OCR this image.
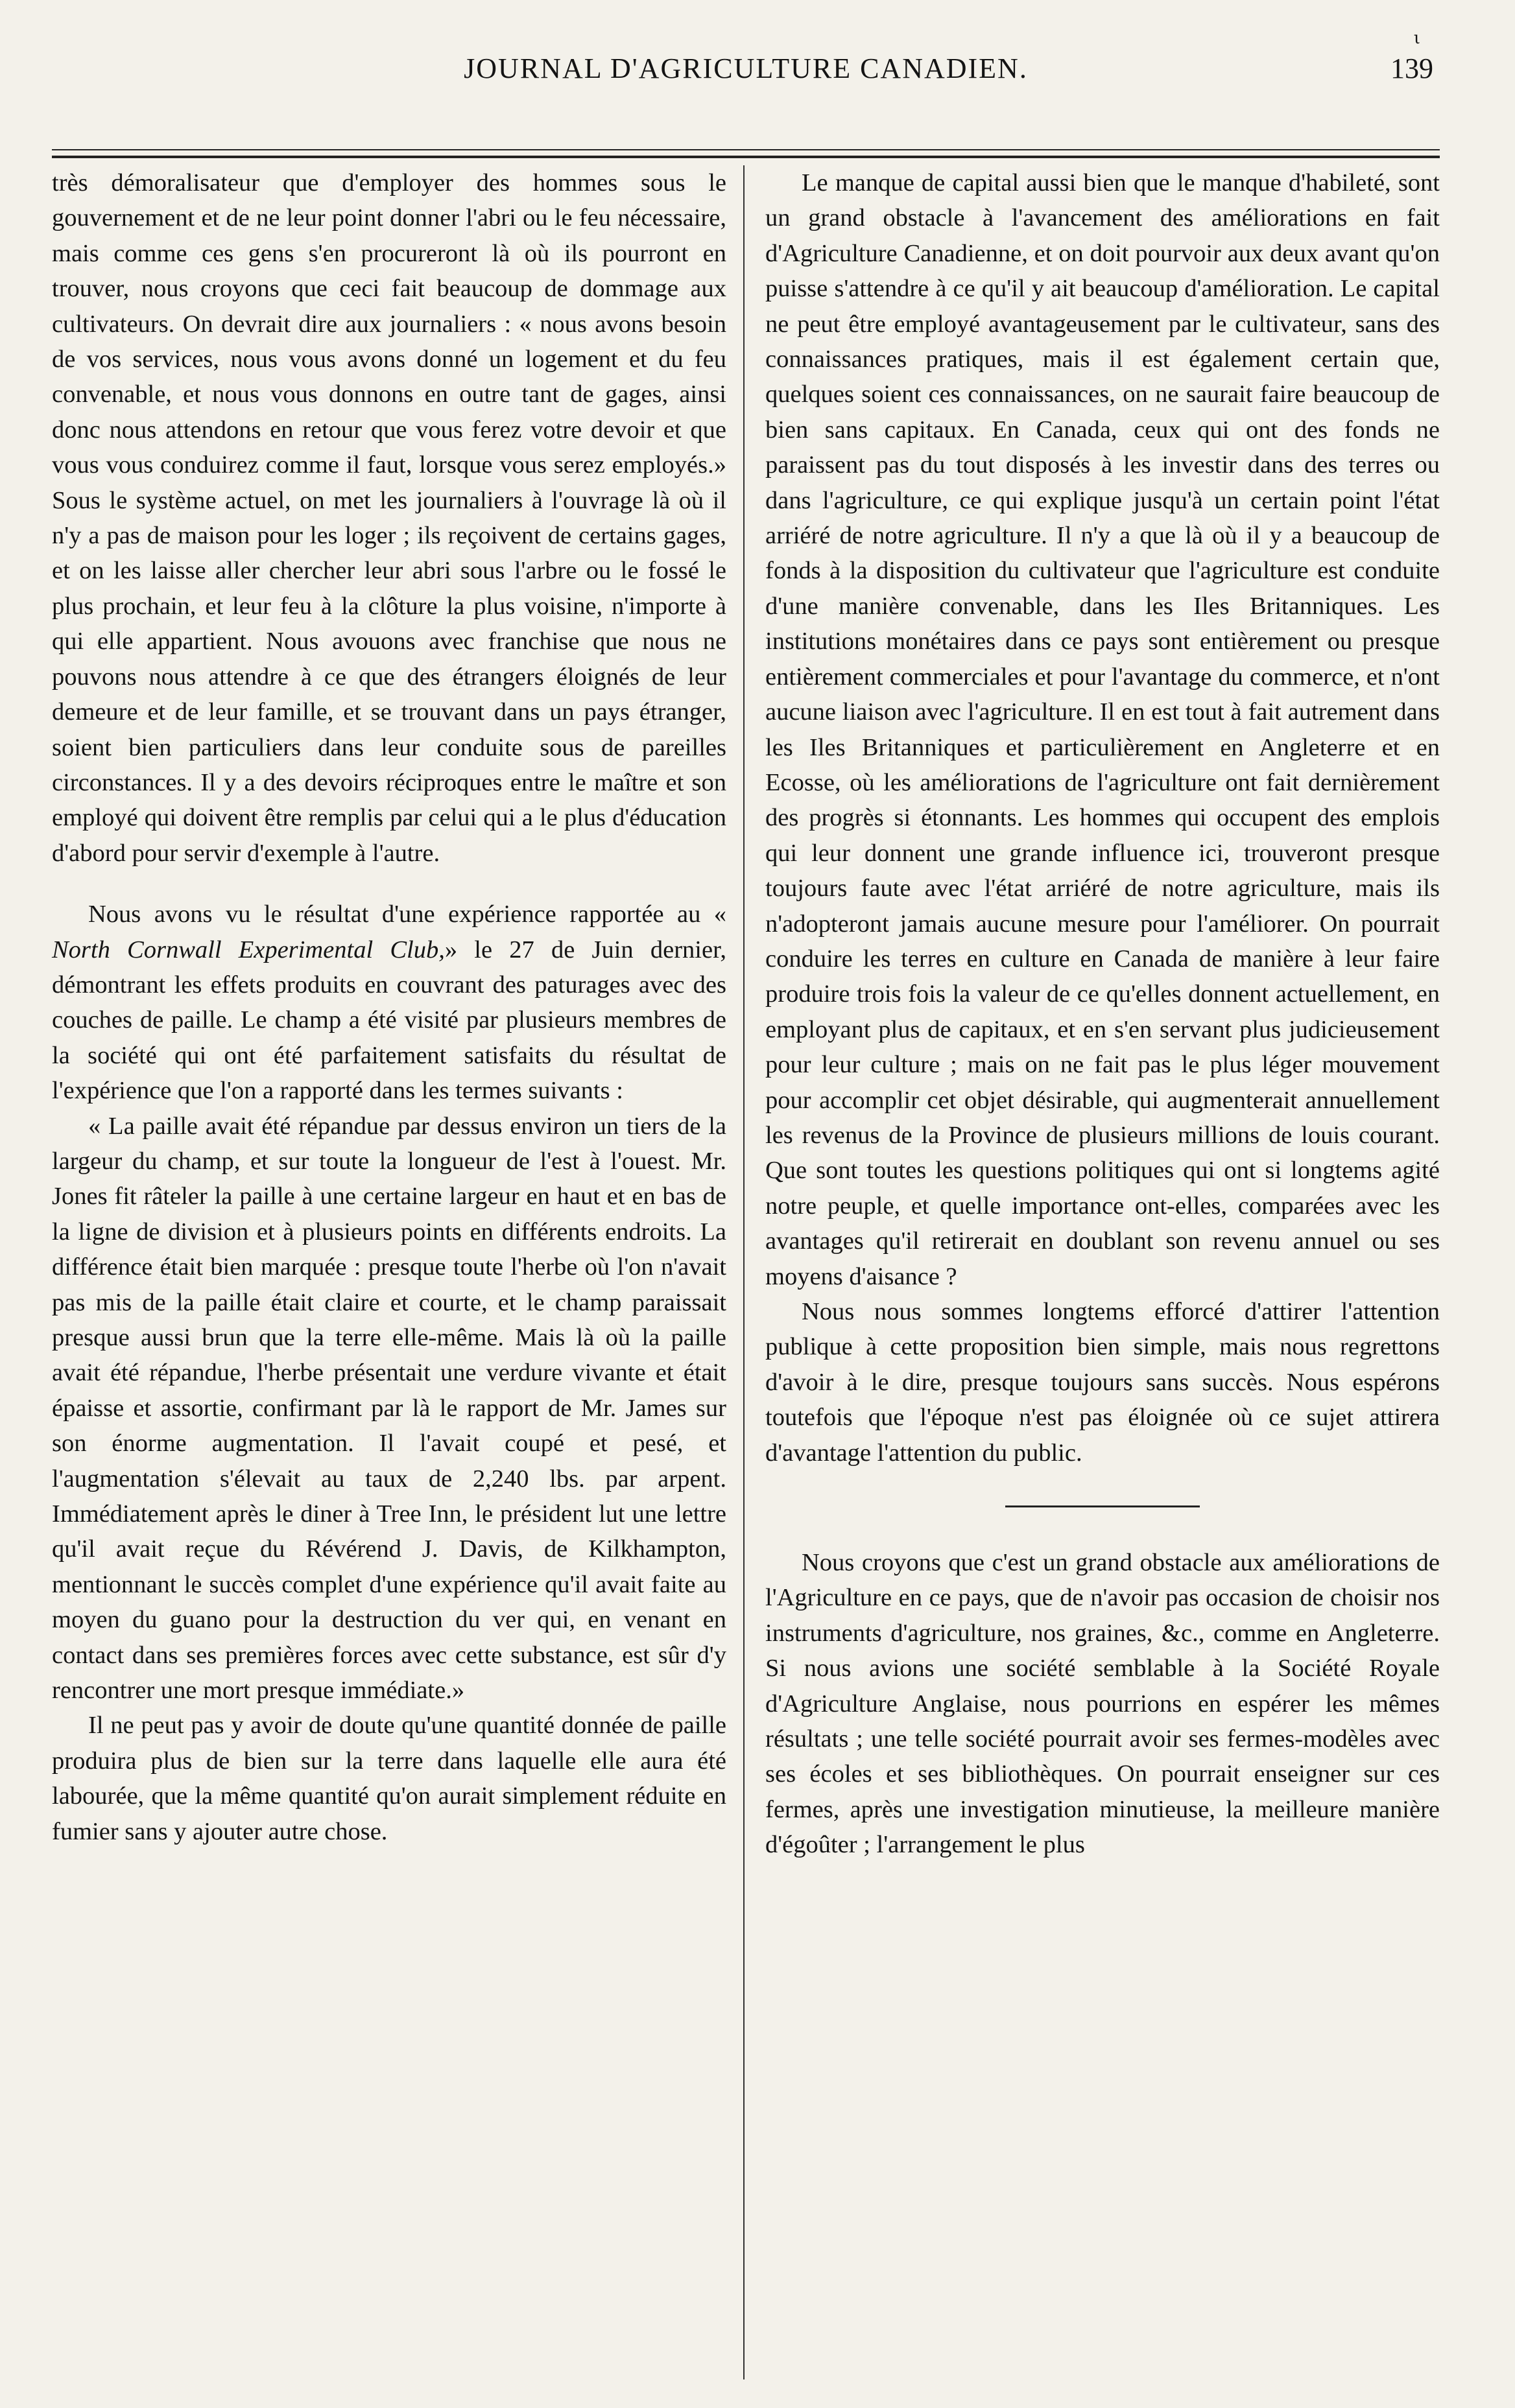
ι
JOURNAL D'AGRICULTURE CANADIEN.	139

très démoralisateur que d'employer des hommes sous le gouvernement et de ne leur point donner l'abri ou le feu nécessaire, mais comme ces gens s'en procureront là où ils pourront en trouver, nous croyons que ceci fait beaucoup de dommage aux cultivateurs. On devrait dire aux journaliers : « nous avons besoin de vos services, nous vous avons donné un logement et du feu convenable, et nous vous donnons en outre tant de gages, ainsi donc nous attendons en retour que vous ferez votre devoir et que vous vous conduirez comme il faut, lorsque vous serez employés.» Sous le système actuel, on met les journaliers à l'ouvrage là où il n'y a pas de maison pour les loger ; ils reçoivent de certains gages, et on les laisse aller chercher leur abri sous l'arbre ou le fossé le plus prochain, et leur feu à la clôture la plus voisine, n'importe à qui elle appartient. Nous avouons avec franchise que nous ne pouvons nous attendre à ce que des étrangers éloignés de leur demeure et de leur famille, et se trouvant dans un pays étranger, soient bien particuliers dans leur conduite sous de pareilles circonstances. Il y a des devoirs réciproques entre le maître et son employé qui doivent être remplis par celui qui a le plus d'éducation d'abord pour servir d'exemple à l'autre.

Nous avons vu le résultat d'une expérience rapportée au « North Cornwall Experimental Club,» le 27 de Juin dernier, démontrant les effets produits en couvrant des paturages avec des couches de paille. Le champ a été visité par plusieurs membres de la société qui ont été parfaitement satisfaits du résultat de l'expérience que l'on a rapporté dans les termes suivants :

« La paille avait été répandue par dessus environ un tiers de la largeur du champ, et sur toute la longueur de l'est à l'ouest. Mr. Jones fit râteler la paille à une certaine largeur en haut et en bas de la ligne de division et à plusieurs points en différents endroits. La différence était bien marquée : presque toute l'herbe où l'on n'avait pas mis de la paille était claire et courte, et le champ paraissait presque aussi brun que la terre elle-même. Mais là où la paille avait été répandue, l'herbe présentait une verdure vivante et était épaisse et assortie, confirmant par là le rapport de Mr. James sur son énorme augmentation. Il l'avait coupé et pesé, et l'augmentation s'élevait au taux de 2,240 lbs. par arpent. Immédiatement après le diner à Tree Inn, le président lut une lettre qu'il avait reçue du Révérend J. Davis, de Kilkhampton, mentionnant le succès complet d'une expérience qu'il avait faite au moyen du guano pour la destruction du ver qui, en venant en contact dans ses premières forces avec cette substance, est sûr d'y rencontrer une mort presque immédiate.»

Il ne peut pas y avoir de doute qu'une quantité donnée de paille produira plus de bien sur la terre dans laquelle elle aura été labourée, que la même quantité qu'on aurait simplement réduite en fumier sans y ajouter autre chose.

Le manque de capital aussi bien que le manque d'habileté, sont un grand obstacle à l'avancement des améliorations en fait d'Agriculture Canadienne, et on doit pourvoir aux deux avant qu'on puisse s'attendre à ce qu'il y ait beaucoup d'amélioration. Le capital ne peut être employé avantageusement par le cultivateur, sans des connaissances pratiques, mais il est également certain que, quelques soient ces connaissances, on ne saurait faire beaucoup de bien sans capitaux. En Canada, ceux qui ont des fonds ne paraissent pas du tout disposés à les investir dans des terres ou dans l'agriculture, ce qui explique jusqu'à un certain point l'état arriéré de notre agriculture. Il n'y a que là où il y a beaucoup de fonds à la disposition du cultivateur que l'agriculture est conduite d'une manière convenable, dans les Iles Britanniques. Les institutions monétaires dans ce pays sont entièrement ou presque entièrement commerciales et pour l'avantage du commerce, et n'ont aucune liaison avec l'agriculture. Il en est tout à fait autrement dans les Iles Britanniques et particulièrement en Angleterre et en Ecosse, où les améliorations de l'agriculture ont fait dernièrement des progrès si étonnants. Les hommes qui occupent des emplois qui leur donnent une grande influence ici, trouveront presque toujours faute avec l'état arriéré de notre agriculture, mais ils n'adopteront jamais aucune mesure pour l'améliorer. On pourrait conduire les terres en culture en Canada de manière à leur faire produire trois fois la valeur de ce qu'elles donnent actuellement, en employant plus de capitaux, et en s'en servant plus judicieusement pour leur culture ; mais on ne fait pas le plus léger mouvement pour accomplir cet objet désirable, qui augmenterait annuellement les revenus de la Province de plusieurs millions de louis courant. Que sont toutes les questions politiques qui ont si longtems agité notre peuple, et quelle importance ont-elles, comparées avec les avantages qu'il retirerait en doublant son revenu annuel ou ses moyens d'aisance ?

Nous nous sommes longtems efforcé d'attirer l'attention publique à cette proposition bien simple, mais nous regrettons d'avoir à le dire, presque toujours sans succès. Nous espérons toutefois que l'époque n'est pas éloignée où ce sujet attirera d'avantage l'attention du public.

Nous croyons que c'est un grand obstacle aux améliorations de l'Agriculture en ce pays, que de n'avoir pas occasion de choisir nos instruments d'agriculture, nos graines, &c., comme en Angleterre. Si nous avions une société semblable à la Société Royale d'Agriculture Anglaise, nous pourrions en espérer les mêmes résultats ; une telle société pourrait avoir ses fermes-modèles avec ses écoles et ses bibliothèques. On pourrait enseigner sur ces fermes, après une investigation minutieuse, la meilleure manière d'égoûter ; l'arrangement le plus
